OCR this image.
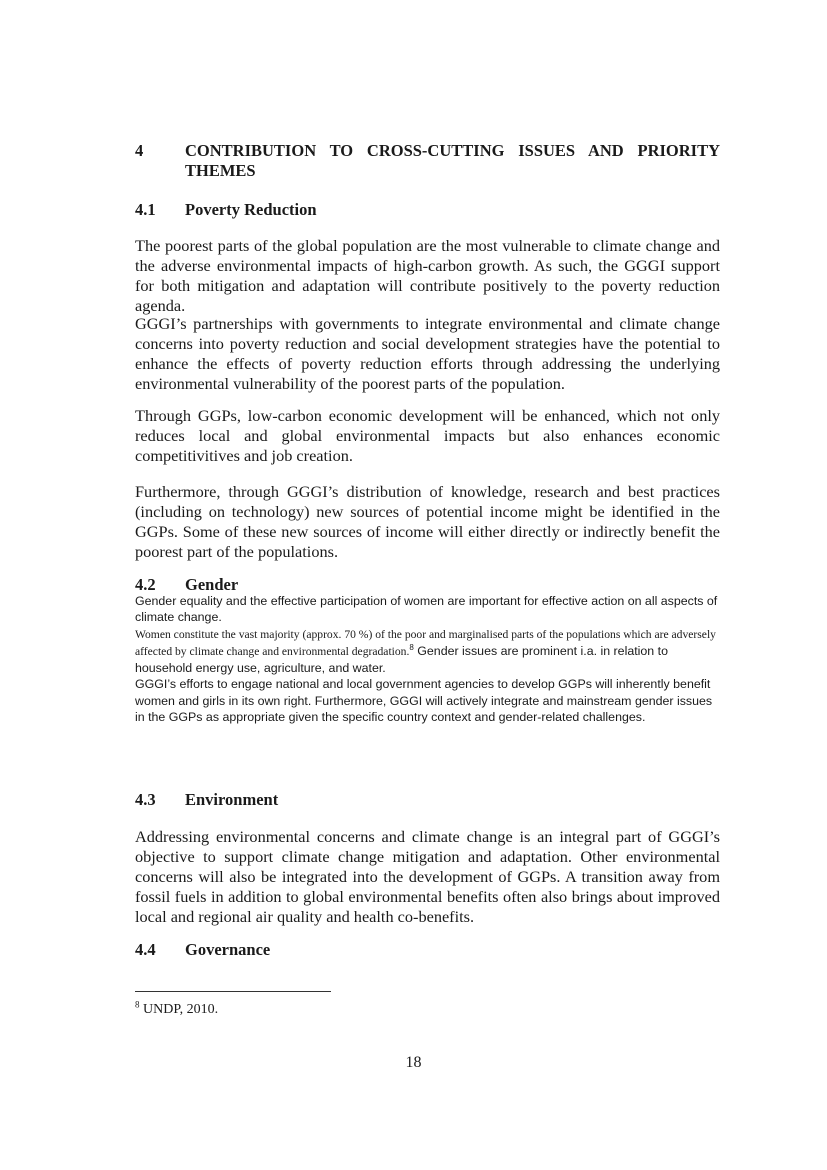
4	CONTRIBUTION TO CROSS-CUTTING ISSUES AND PRIORITY
THEMES
4.1 Poverty Reduction

The poorest parts of the global population are the most vulnerable to climate change and the adverse environmental impacts of high-carbon growth. As such, the GGGI support for both mitigation and adaptation will contribute positively to the poverty reduction agenda.

GGGI’s partnerships with governments to integrate environmental and climate change concerns into poverty reduction and social development strategies have the potential to enhance the effects of poverty reduction efforts through addressing the underlying environmental vulnerability of the poorest parts of the population.

Through GGPs, low-carbon economic development will be enhanced, which not only reduces local and global environmental impacts but also enhances economic competitivitives and job creation.

Furthermore, through GGGI’s distribution of knowledge, research and best practices (including on technology) new sources of potential income might be identified in the GGPs. Some of these new sources of income will either directly or indirectly benefit the poorest part of the populations.

4.2 Gender
Gender equality and the effective participation of women are important for effective action on all aspects of climate change.
Women constitute the vast majority (approx. 70 %) of the poor and marginalised parts of the populations which are adversely affected by climate change and environmental degradation.$^8$ Gender issues are prominent i.a. in relation to household energy use, agriculture, and water.
GGGI’s efforts to engage national and local government agencies to develop GGPs will inherently benefit women and girls in its own right. Furthermore, GGGI will actively integrate and mainstream gender issues in the GGPs as appropriate given the specific country context and gender-related challenges.
4.3 Environment

Addressing environmental concerns and climate change is an integral part of GGGI’s objective to support climate change mitigation and adaptation. Other environmental concerns will also be integrated into the development of GGPs. A transition away from fossil fuels in addition to global environmental benefits often also brings about improved local and regional air quality and health co-benefits.

4.4 Governance
$^8$ UNDP, 2010.
18
